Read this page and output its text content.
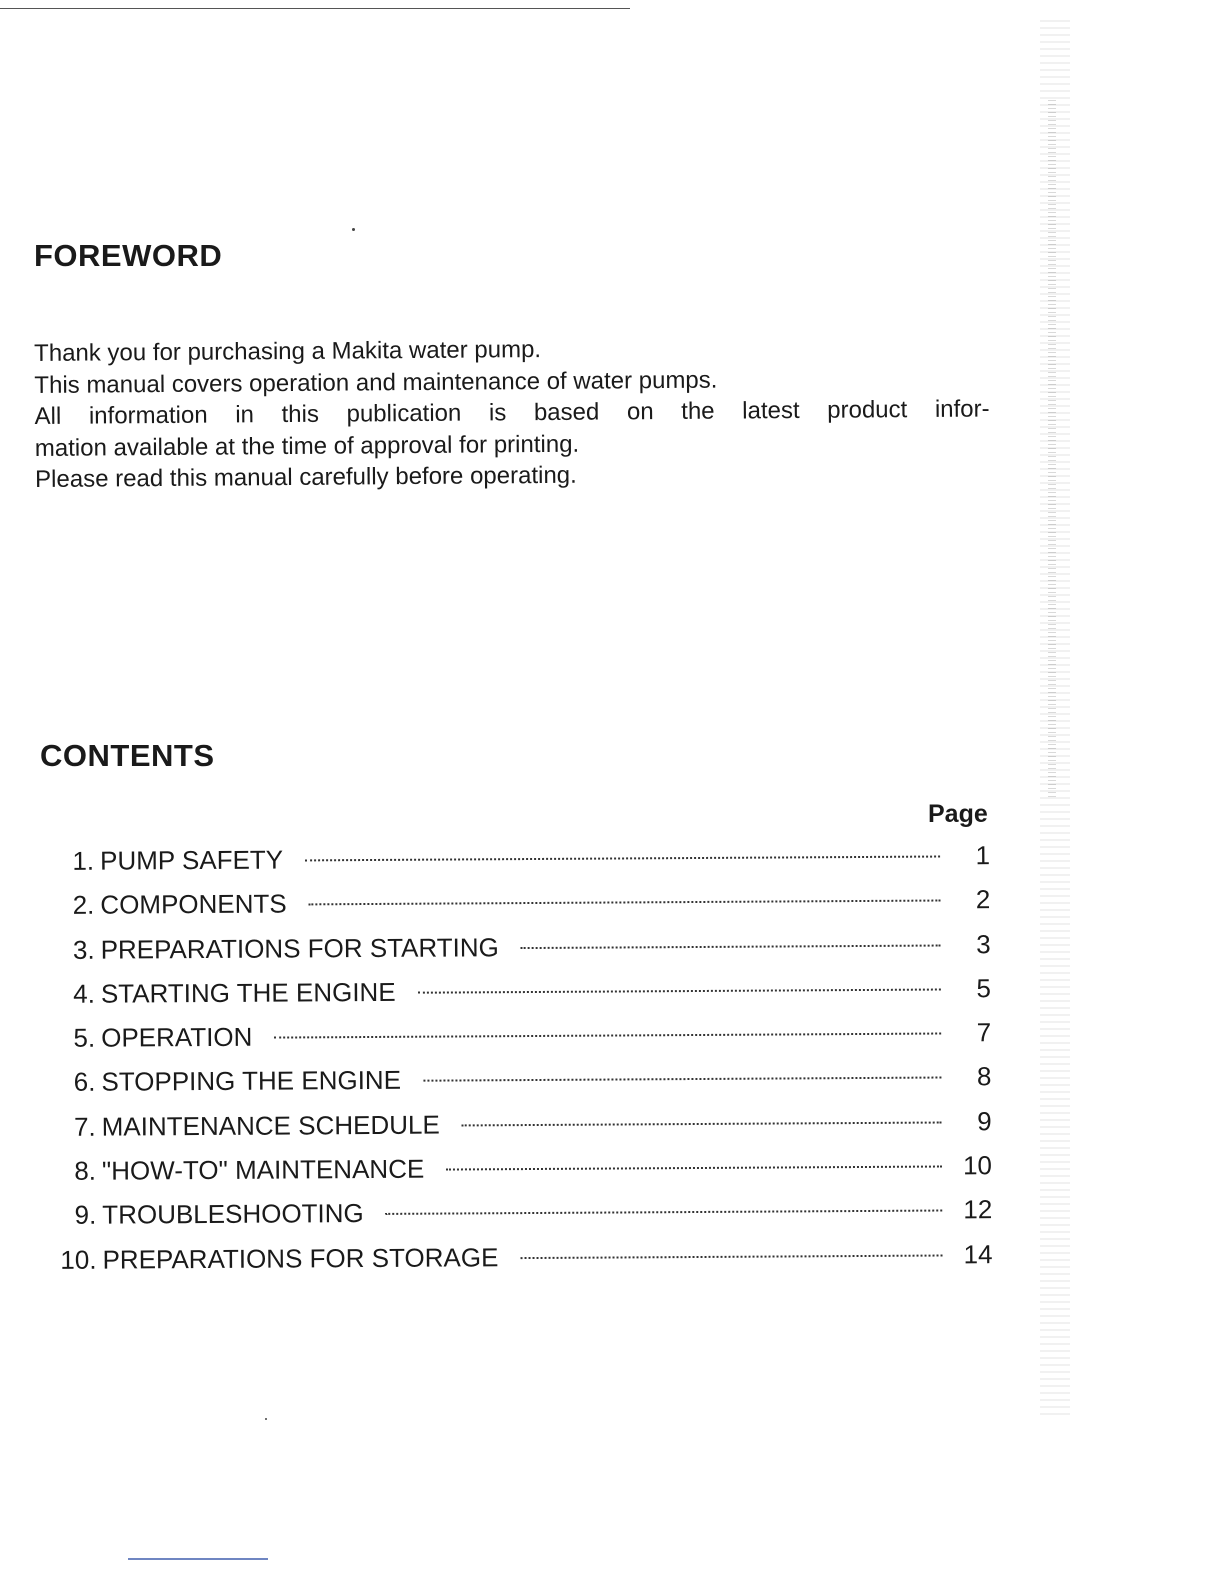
FOREWORD

Thank you for purchasing a Makita water pump.

This manual covers operation and maintenance of water pumps.

All information in this publication is based on the latest product infor-

mation available at the time of approval for printing.

Please read this manual carefully before operating.

CONTENTS
Page
1. PUMP SAFETY	1
2. COMPONENTS	2
3. PREPARATIONS FOR STARTING	3
4. STARTING THE ENGINE	5
5. OPERATION	7
6. STOPPING THE ENGINE	8
7. MAINTENANCE SCHEDULE	9
8. "HOW-TO" MAINTENANCE	10
9. TROUBLESHOOTING	12
10. PREPARATIONS FOR STORAGE	14
